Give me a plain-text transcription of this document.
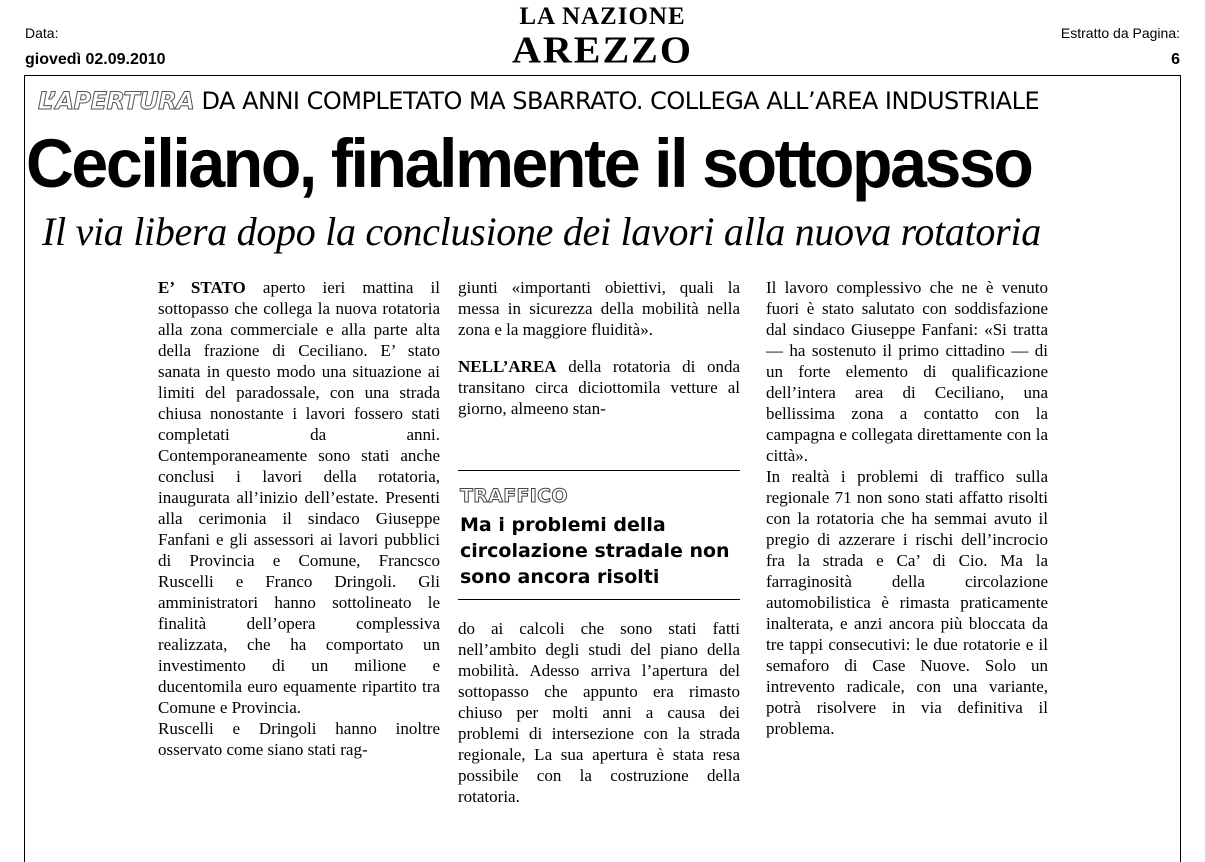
Data:
giovedì 02.09.2010
LA NAZIONE
AREZZO	Estratto da Pagina:
6
L’APERTURA DA ANNI COMPLETATO MA SBARRATO. COLLEGA ALL’AREA INDUSTRIALE
Ceciliano, finalmente il sottopasso
Il via libera dopo la conclusione dei lavori alla nuova rotatoria

E’ STATO aperto ieri mattina il sottopasso che collega la nuova rotatoria alla zona commerciale e alla parte alta della frazione di Ceciliano. E’ stato sanata in questo modo una situazione ai limiti del paradossale, con una strada chiusa nonostante i lavori fossero stati completati da anni. Contemporaneamente sono stati anche conclusi i lavori della rotatoria, inaugurata all’inizio dell’estate. Presenti alla cerimonia il sindaco Giuseppe Fanfani e gli assessori ai lavori pubblici di Provincia e Comune, Francsco Ruscelli e Franco Dringoli. Gli amministratori hanno sottolineato le finalità dell’opera complessiva realizzata, che ha comportato un investimento di un milione e ducentomila euro equamente ripartito tra Comune e Provincia.

Ruscelli e Dringoli hanno inoltre osservato come siano stati rag-

giunti «importanti obiettivi, quali la messa in sicurezza della mobilità nella zona e la maggiore fluidità».

NELL’AREA della rotatoria di onda transitano circa diciottomila vetture al giorno, almeeno stan-

TRAFFICO
Ma i problemi della circolazione stradale non sono ancora risolti

do ai calcoli che sono stati fatti nell’ambito degli studi del piano della mobilità. Adesso arriva l’apertura del sottopasso che appunto era rimasto chiuso per molti anni a causa dei problemi di intersezione con la strada regionale, La sua apertura è stata resa possibile con la costruzione della rotatoria.

Il lavoro complessivo che ne è venuto fuori è stato salutato con soddisfazione dal sindaco Giuseppe Fanfani: «Si tratta — ha sostenuto il primo cittadino — di un forte elemento di qualificazione dell’intera area di Ceciliano, una bellissima zona a contatto con la campagna e collegata direttamente con la città».

In realtà i problemi di traffico sulla regionale 71 non sono stati affatto risolti con la rotatoria che ha semmai avuto il pregio di azzerare i rischi dell’incrocio fra la strada e Ca’ di Cio. Ma la farraginosità della circolazione automobilistica è rimasta praticamente inalterata, e anzi ancora più bloccata da tre tappi consecutivi: le due rotatorie e il semaforo di Case Nuove. Solo un intrevento radicale, con una variante, potrà risolvere in via definitiva il problema.
